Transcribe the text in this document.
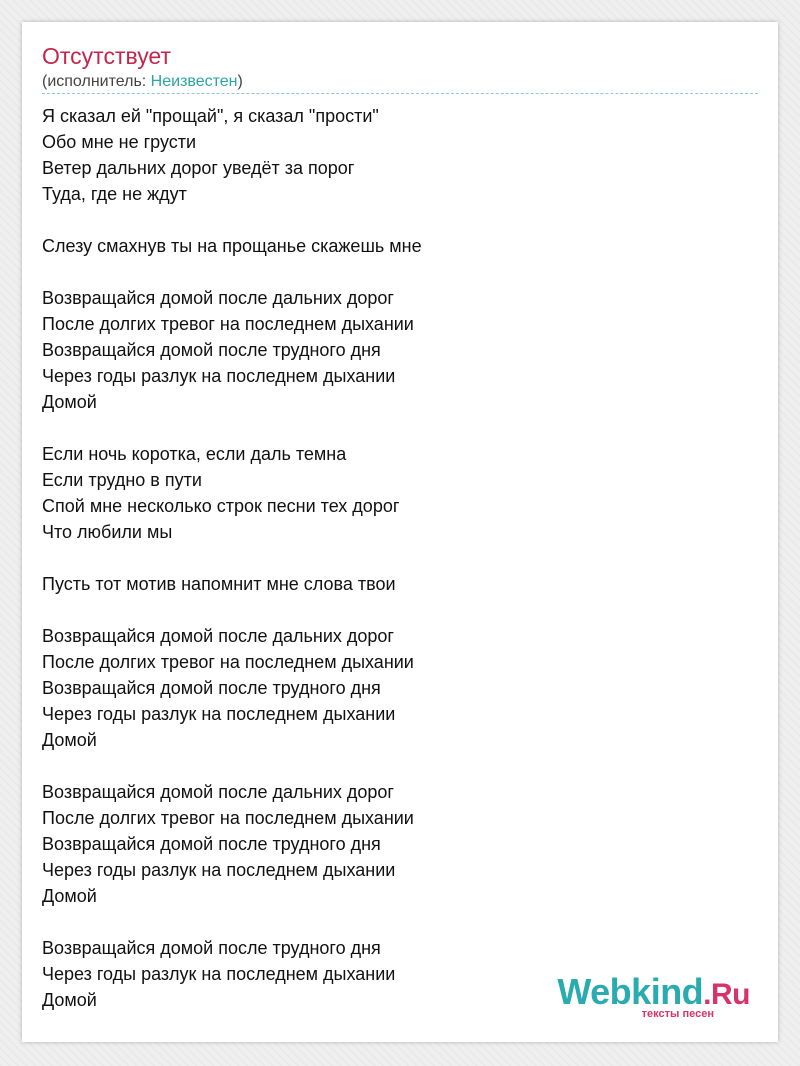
Отсутствует
(исполнитель: Неизвестен)
Я сказал ей "прощай", я сказал "прости"
Обо мне не грусти
Ветер дальних дорог уведёт за порог
Туда, где не ждут
Слезу смахнув ты на прощанье скажешь мне
Возвращайся домой после дальних дорог
После долгих тревог на последнем дыхании
Возвращайся домой после трудного дня
Через годы разлук на последнем дыхании
Домой
Если ночь коротка, если даль темна
Если трудно в пути
Спой мне несколько строк песни тех дорог
Что любили мы
Пусть тот мотив напомнит мне слова твои
Возвращайся домой после дальних дорог
После долгих тревог на последнем дыхании
Возвращайся домой после трудного дня
Через годы разлук на последнем дыхании
Домой
Возвращайся домой после дальних дорог
После долгих тревог на последнем дыхании
Возвращайся домой после трудного дня
Через годы разлук на последнем дыхании
Домой
Возвращайся домой после трудного дня
Через годы разлук на последнем дыхании
Домой	Webkind.Ru
тексты песен
